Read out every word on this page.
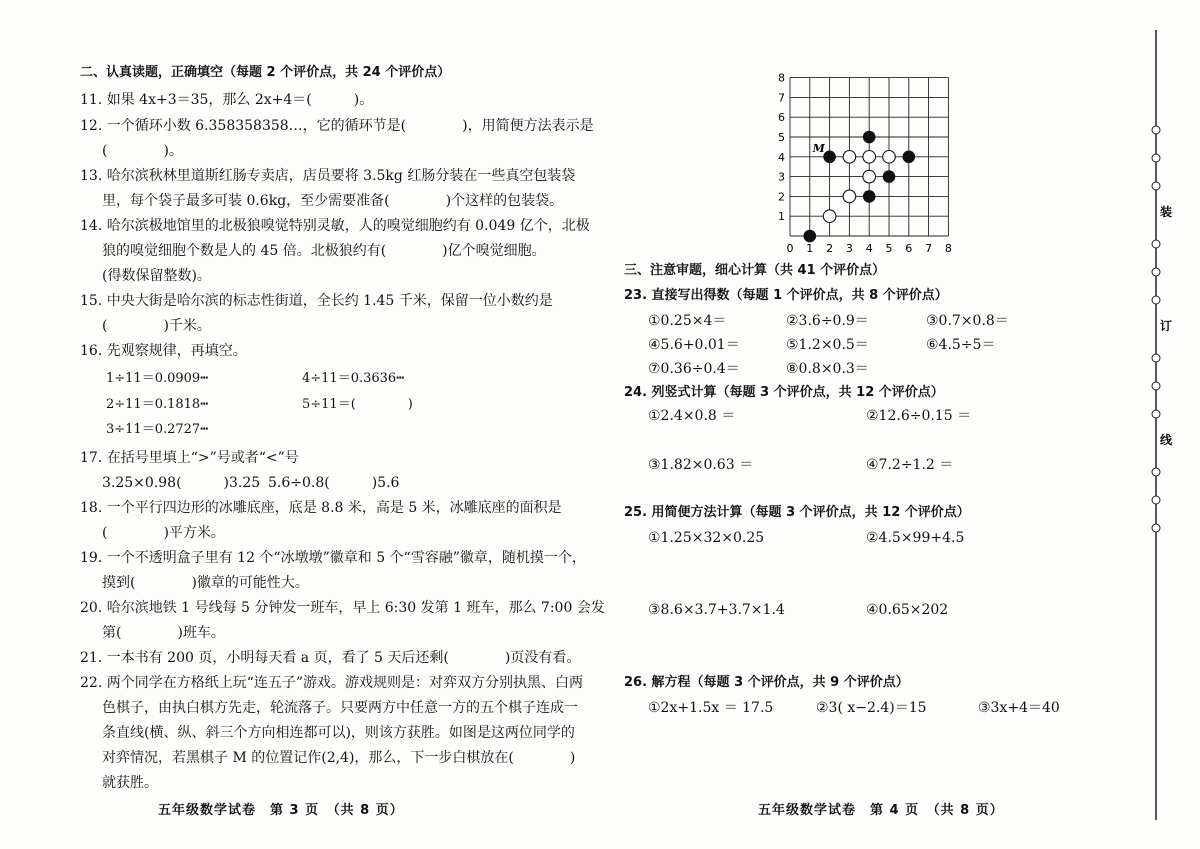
二、认真读题，正确填空（每题 2 个评价点，共 24 个评价点）
11. 如果 4x+3＝35，那么 2x+4＝(　　　)。
12. 一个循环小数 6.358358358…，它的循环节是(　　　　)，用简便方法表示是
(　　　　)。
13. 哈尔滨秋林里道斯红肠专卖店，店员要将 3.5kg 红肠分装在一些真空包装袋
里，每个袋子最多可装 0.6kg，至少需要准备(　　　　)个这样的包装袋。
14. 哈尔滨极地馆里的北极狼嗅觉特别灵敏，人的嗅觉细胞约有 0.049 亿个，北极
狼的嗅觉细胞个数是人的 45 倍。北极狼约有(　　　　)亿个嗅觉细胞。
(得数保留整数)。
15. 中央大街是哈尔滨的标志性街道，全长约 1.45 千米，保留一位小数约是
(　　　　)千米。
16. 先观察规律，再填空。
1÷11＝0.0909┅
2÷11＝0.1818┅
3÷11＝0.2727┅
4÷11＝0.3636┅
5÷11＝(　　　　)
17. 在括号里填上“>”号或者“<”号
3.25×0.98(　　　)3.25 5.6÷0.8(　　　)5.6
18. 一个平行四边形的冰雕底座，底是 8.8 米，高是 5 米，冰雕底座的面积是
(　　　　)平方米。
19. 一个不透明盒子里有 12 个“冰墩墩”徽章和 5 个“雪容融”徽章，随机摸一个，
摸到(　　　　)徽章的可能性大。
20. 哈尔滨地铁 1 号线每 5 分钟发一班车，早上 6:30 发第 1 班车，那么 7:00 会发
第(　　　　)班车。
21. 一本书有 200 页，小明每天看 a 页，看了 5 天后还剩(　　　　)页没有看。
22. 两个同学在方格纸上玩“连五子”游戏。游戏规则是：对弈双方分别执黑、白两
色棋子，由执白棋方先走，轮流落子。只要两方中任意一方的五个棋子连成一
条直线(横、纵、斜三个方向相连都可以)，则该方获胜。如图是这两位同学的
对弈情况，若黑棋子 M 的位置记作(2,4)，那么，下一步白棋放在(　　　　)
就获胜。
五年级数学试卷　第 3 页　（共 8 页）
0 1
1
2
2
3
3
4
4
5
5
6
6
7
7
8
8
M
三、注意审题，细心计算（共 41 个评价点）
23. 直接写出得数（每题 1 个评价点，共 8 个评价点）
①0.25×4＝	②3.6÷0.9＝	③0.7×0.8＝
④5.6+0.01＝	⑤1.2×0.5＝	⑥4.5÷5＝
⑦0.36÷0.4＝	⑧0.8×0.3＝
24. 列竖式计算（每题 3 个评价点，共 12 个评价点）
①2.4×0.8 ＝	②12.6÷0.15 ＝
③1.82×0.63 ＝	④7.2÷1.2 ＝
25. 用简便方法计算（每题 3 个评价点，共 12 个评价点）
①1.25×32×0.25	②4.5×99+4.5
③8.6×3.7+3.7×1.4	④0.65×202
26. 解方程（每题 3 个评价点，共 9 个评价点）
①2x+1.5x ＝ 17.5	②3( x−2.4)＝15	③3x+4＝40
五年级数学试卷　第 4 页　（共 8 页）
装
订
线
